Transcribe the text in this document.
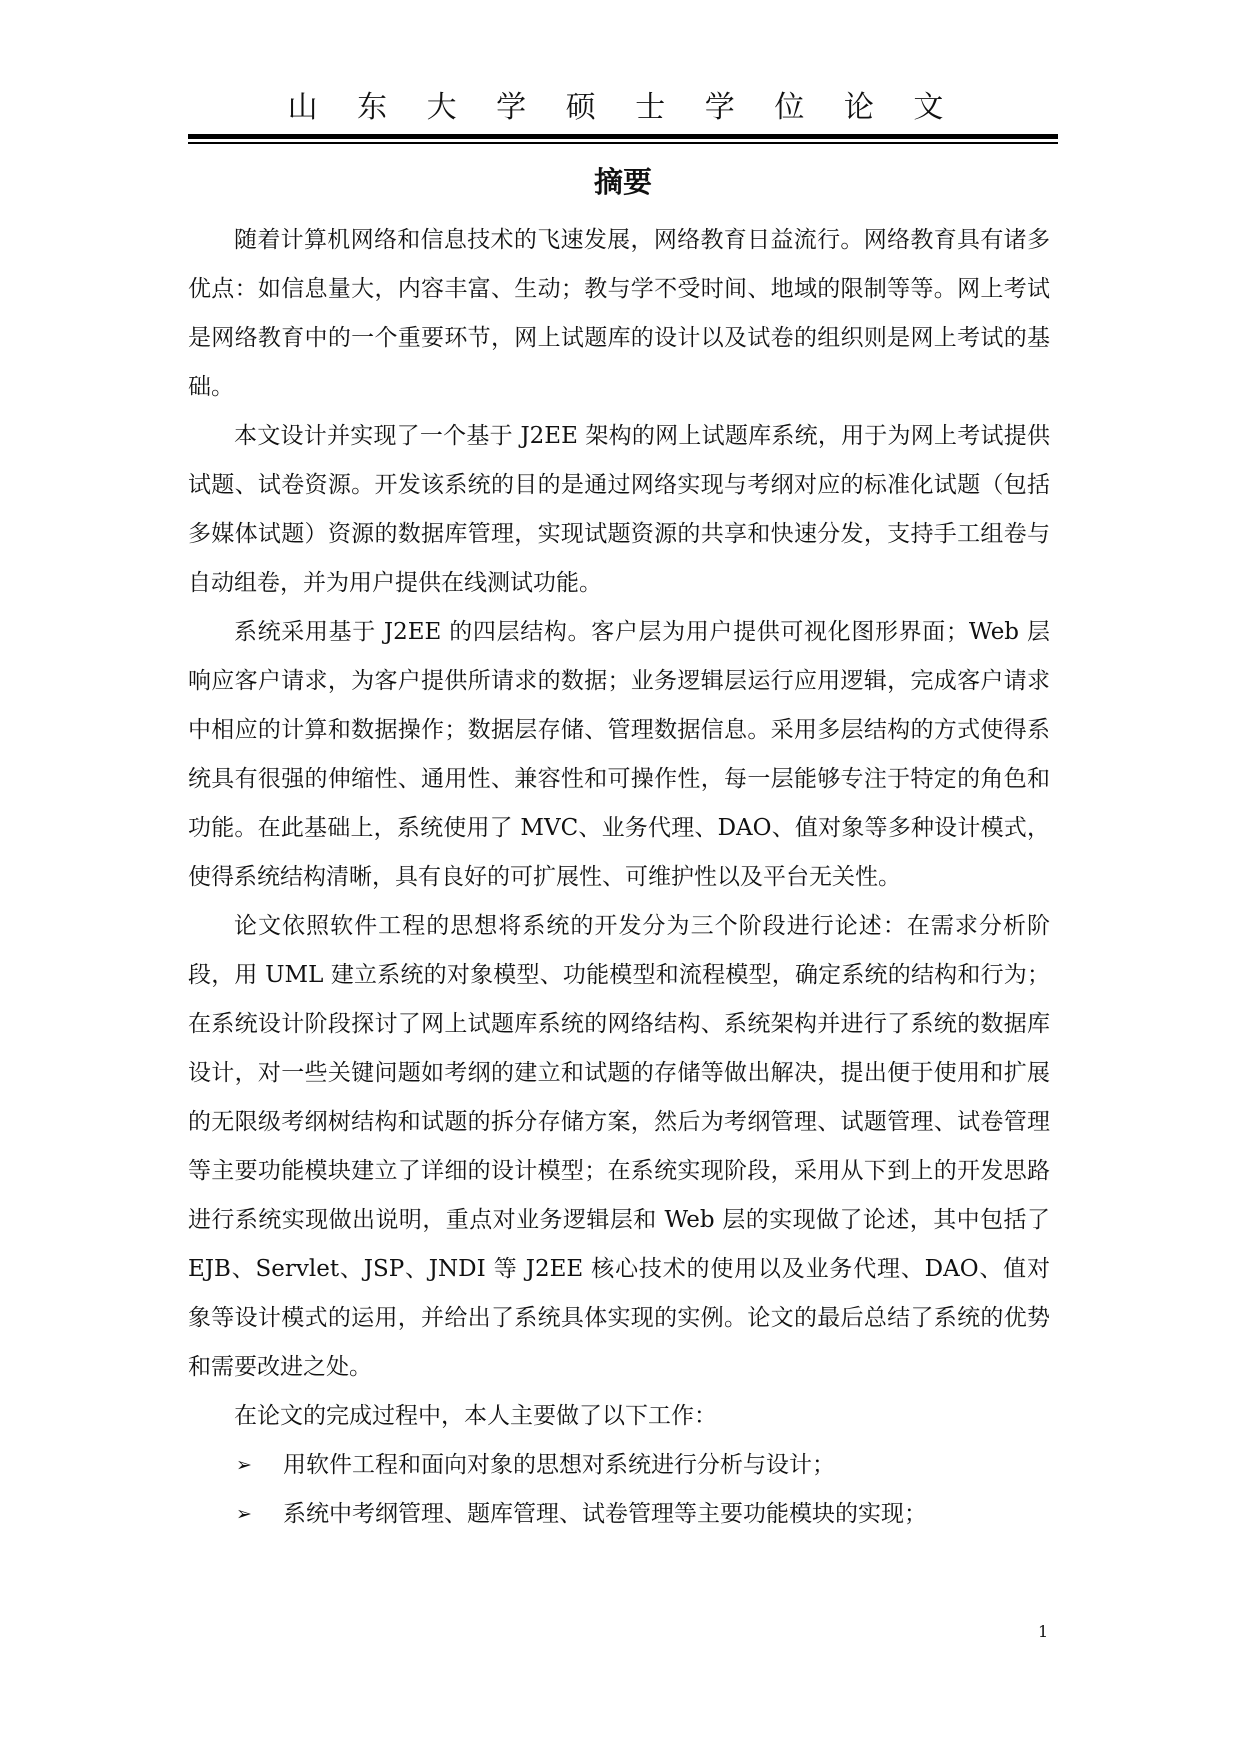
山 东 大 学 硕 士 学 位 论 文
摘要

随着计算机网络和信息技术的飞速发展，网络教育日益流行。网络教育具有诸多优点：如信息量大，内容丰富、生动；教与学不受时间、地域的限制等等。网上考试是网络教育中的一个重要环节，网上试题库的设计以及试卷的组织则是网上考试的基础。

本文设计并实现了一个基于 J2EE 架构的网上试题库系统，用于为网上考试提供试题、试卷资源。开发该系统的目的是通过网络实现与考纲对应的标准化试题（包括多媒体试题）资源的数据库管理，实现试题资源的共享和快速分发，支持手工组卷与自动组卷，并为用户提供在线测试功能。

系统采用基于 J2EE 的四层结构。客户层为用户提供可视化图形界面；Web 层响应客户请求，为客户提供所请求的数据；业务逻辑层运行应用逻辑，完成客户请求中相应的计算和数据操作；数据层存储、管理数据信息。采用多层结构的方式使得系统具有很强的伸缩性、通用性、兼容性和可操作性，每一层能够专注于特定的角色和功能。在此基础上，系统使用了 MVC、业务代理、DAO、值对象等多种设计模式，使得系统结构清晰，具有良好的可扩展性、可维护性以及平台无关性。

论文依照软件工程的思想将系统的开发分为三个阶段进行论述：在需求分析阶段，用 UML 建立系统的对象模型、功能模型和流程模型，确定系统的结构和行为；在系统设计阶段探讨了网上试题库系统的网络结构、系统架构并进行了系统的数据库设计，对一些关键问题如考纲的建立和试题的存储等做出解决，提出便于使用和扩展的无限级考纲树结构和试题的拆分存储方案，然后为考纲管理、试题管理、试卷管理等主要功能模块建立了详细的设计模型；在系统实现阶段，采用从下到上的开发思路进行系统实现做出说明，重点对业务逻辑层和 Web 层的实现做了论述，其中包括了 EJB、Servlet、JSP、JNDI 等 J2EE 核心技术的使用以及业务代理、DAO、值对象等设计模式的运用，并给出了系统具体实现的实例。论文的最后总结了系统的优势和需要改进之处。

在论文的完成过程中，本人主要做了以下工作：

➢ 用软件工程和面向对象的思想对系统进行分析与设计；
➢ 系统中考纲管理、题库管理、试卷管理等主要功能模块的实现；
1
